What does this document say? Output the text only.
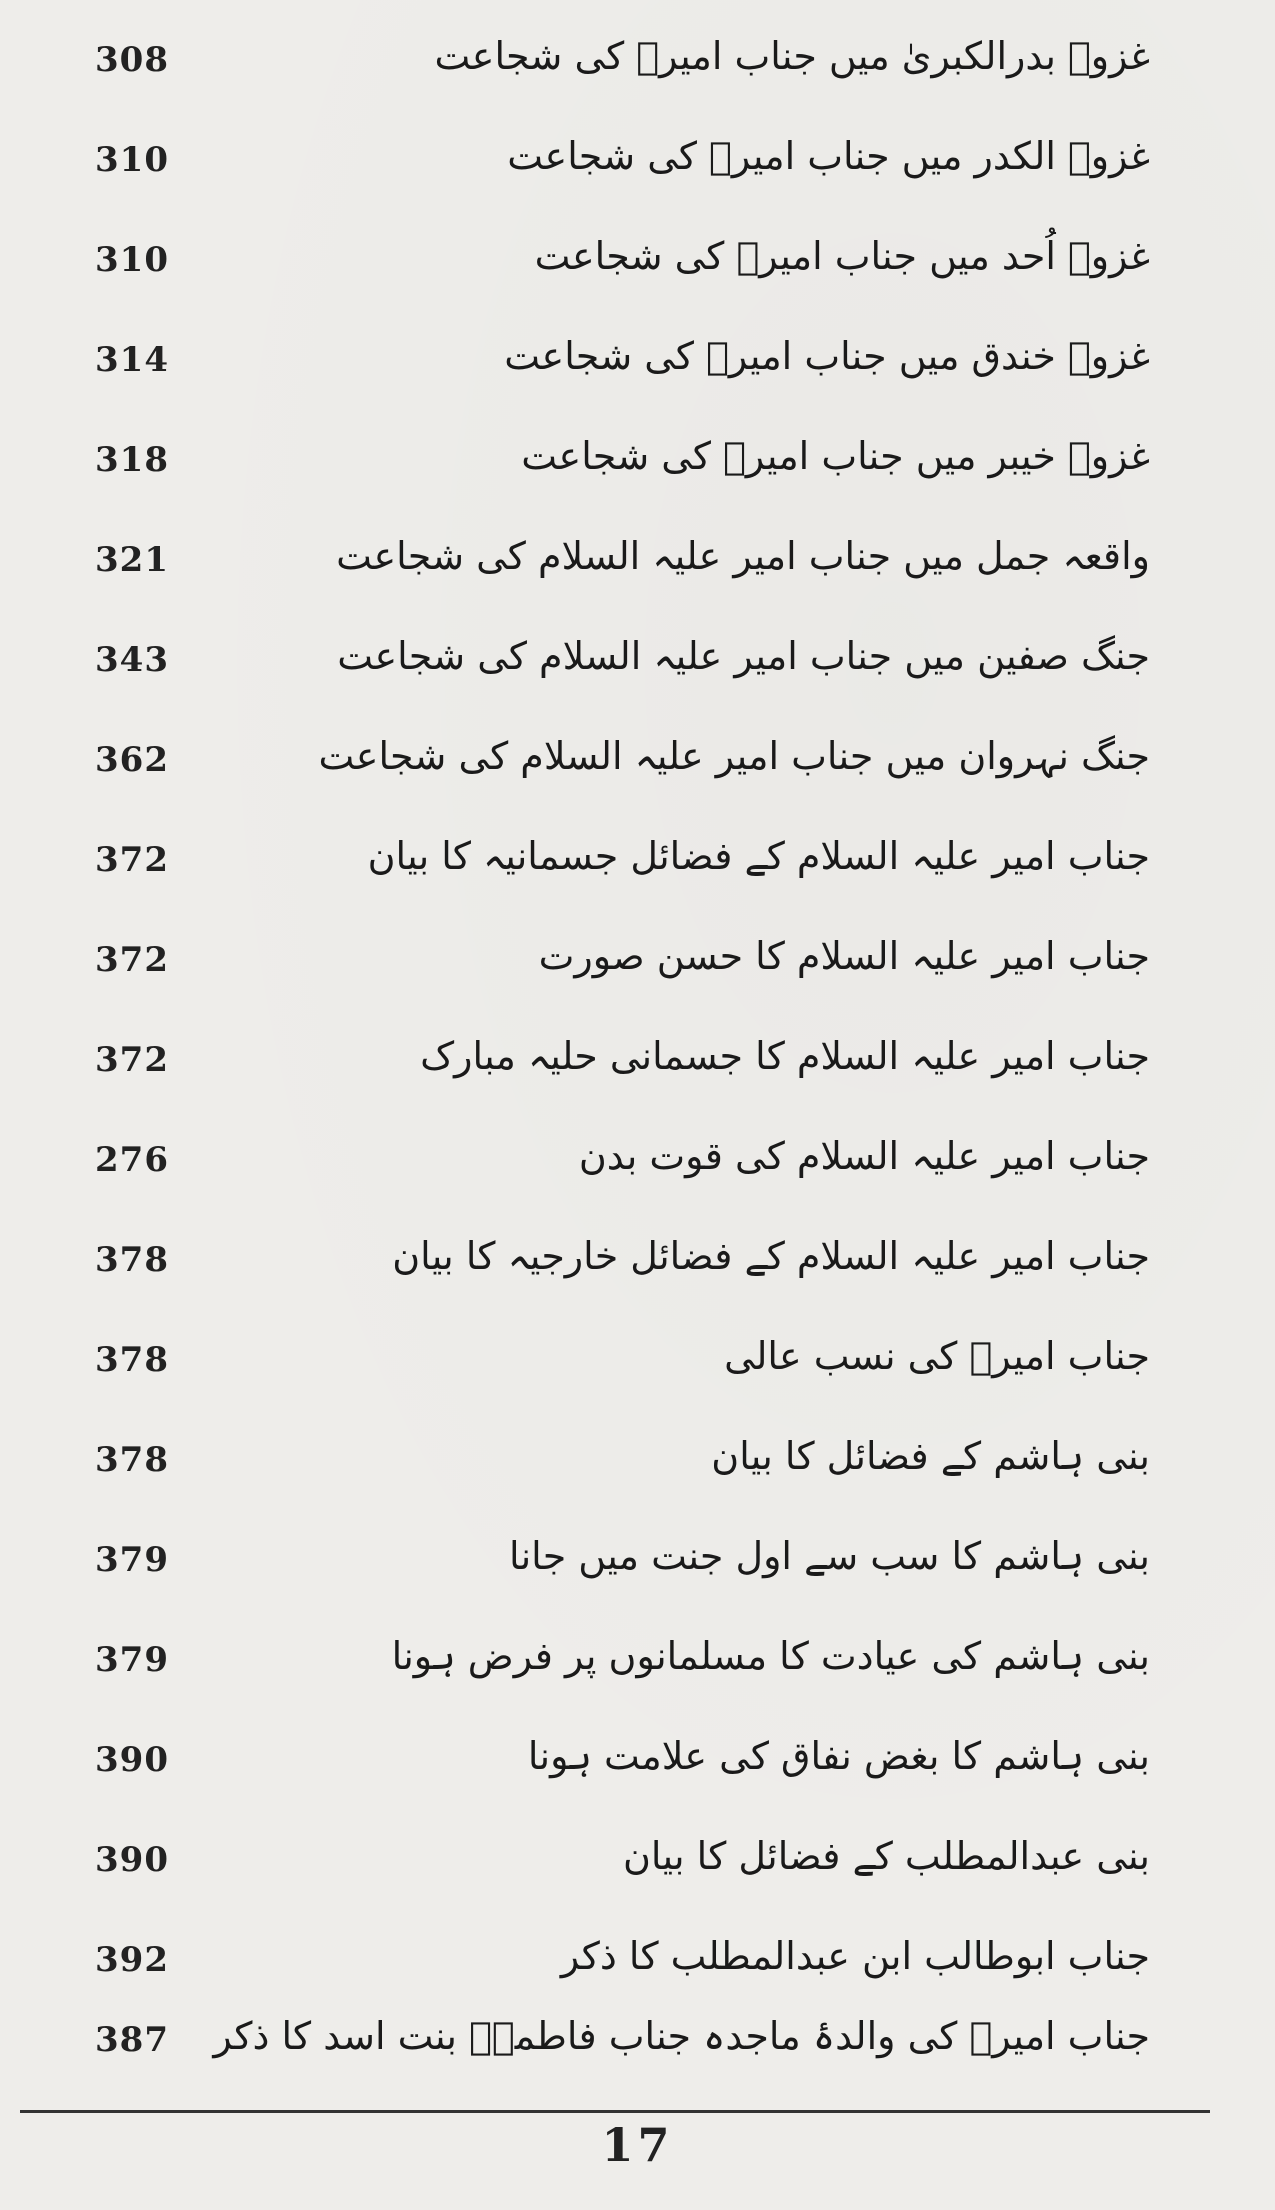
308	غزوۂ بدرالکبریٰ میں جناب امیرؑ کی شجاعت
310	غزوۃ الکدر میں جناب امیرؑ کی شجاعت
310	غزوۂ اُحد میں جناب امیرؑ کی شجاعت
314	غزوۂ خندق میں جناب امیرؑ کی شجاعت
318	غزوۂ خیبر میں جناب امیرؑ کی شجاعت
321	واقعہ جمل میں جناب امیر علیہ السلام کی شجاعت
343	جنگ صفین میں جناب امیر علیہ السلام کی شجاعت
362	جنگ نہروان میں جناب امیر علیہ السلام کی شجاعت
372	جناب امیر علیہ السلام کے فضائل جسمانیہ کا بیان
372	جناب امیر علیہ السلام کا حسن صورت
372	جناب امیر علیہ السلام کا جسمانی حلیہ مبارک
276	جناب امیر علیہ السلام کی قوت بدن
378	جناب امیر علیہ السلام کے فضائل خارجیہ کا بیان
378	جناب امیرؑ کی نسب عالی
378	بنی ہاشم کے فضائل کا بیان
379	بنی ہاشم کا سب سے اول جنت میں جانا
379	بنی ہاشم کی عیادت کا مسلمانوں پر فرض ہونا
390	بنی ہاشم کا بغض نفاق کی علامت ہونا
390	بنی عبدالمطلب کے فضائل کا بیان
392	جناب ابوطالب ابن عبدالمطلب کا ذکر
387 جناب امیرؑ کی والدۂ ماجدہ جناب فاطمہؑ بنت اسد کا ذکر
17
